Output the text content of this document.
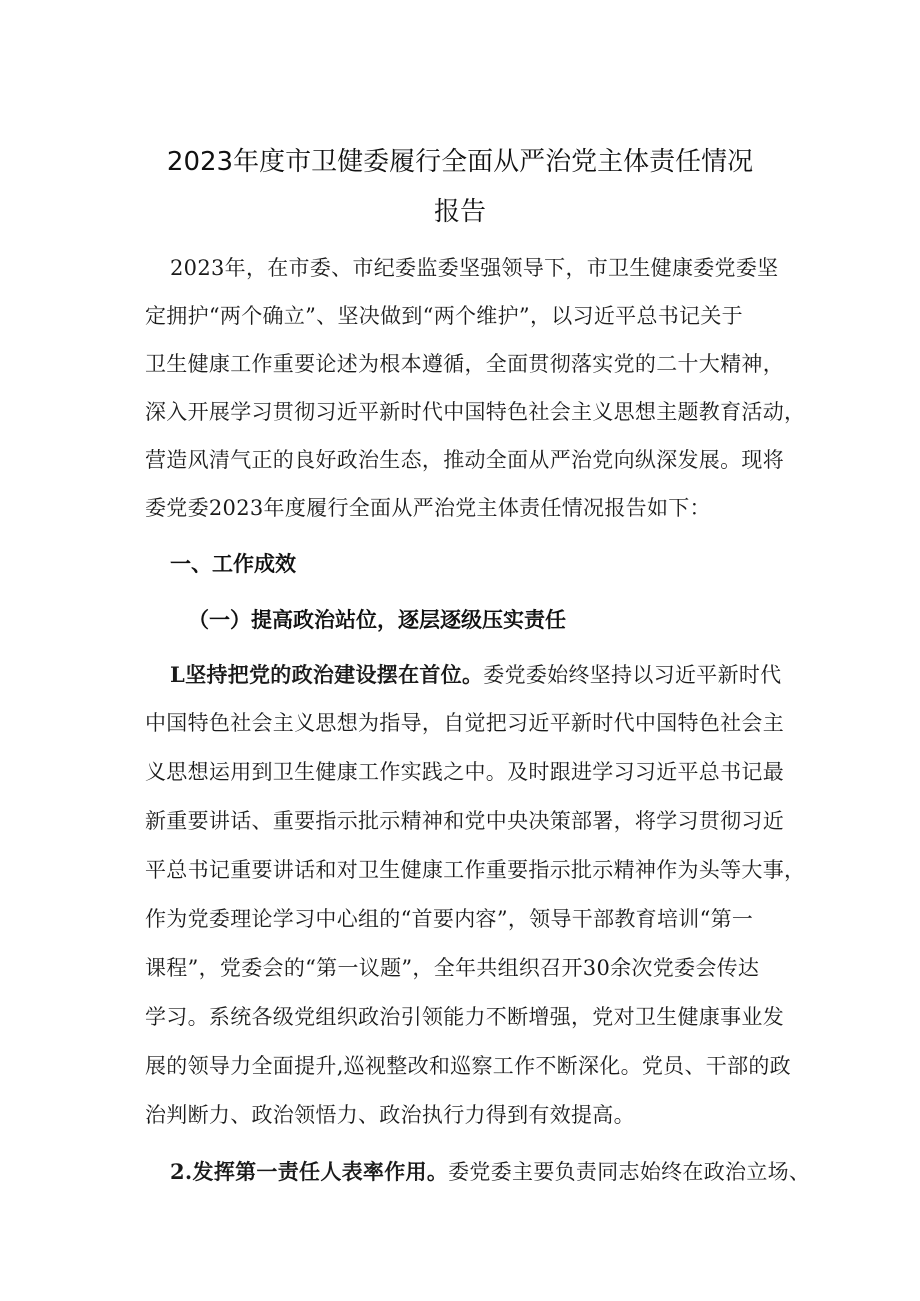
2023年度市卫健委履行全面从严治党主体责任情况
报告
2023年，在市委、市纪委监委坚强领导下，市卫生健康委党委坚
定拥护“两个确立”、坚决做到“两个维护”，以习近平总书记关于
卫生健康工作重要论述为根本遵循，全面贯彻落实党的二十大精神，
深入开展学习贯彻习近平新时代中国特色社会主义思想主题教育活动，
营造风清气正的良好政治生态，推动全面从严治党向纵深发展。现将
委党委2023年度履行全面从严治党主体责任情况报告如下：
一、工作成效
（一）提高政治站位，逐层逐级压实责任
L坚持把党的政治建设摆在首位。委党委始终坚持以习近平新时代
中国特色社会主义思想为指导，自觉把习近平新时代中国特色社会主
义思想运用到卫生健康工作实践之中。及时跟进学习习近平总书记最
新重要讲话、重要指示批示精神和党中央决策部署，将学习贯彻习近
平总书记重要讲话和对卫生健康工作重要指示批示精神作为头等大事，
作为党委理论学习中心组的“首要内容”，领导干部教育培训“第一
课程”，党委会的“第一议题”，全年共组织召开30余次党委会传达
学习。系统各级党组织政治引领能力不断增强，党对卫生健康事业发
展的领导力全面提升,巡视整改和巡察工作不断深化。党员、干部的政
治判断力、政治领悟力、政治执行力得到有效提高。
2.发挥第一责任人表率作用。委党委主要负责同志始终在政治立场、
